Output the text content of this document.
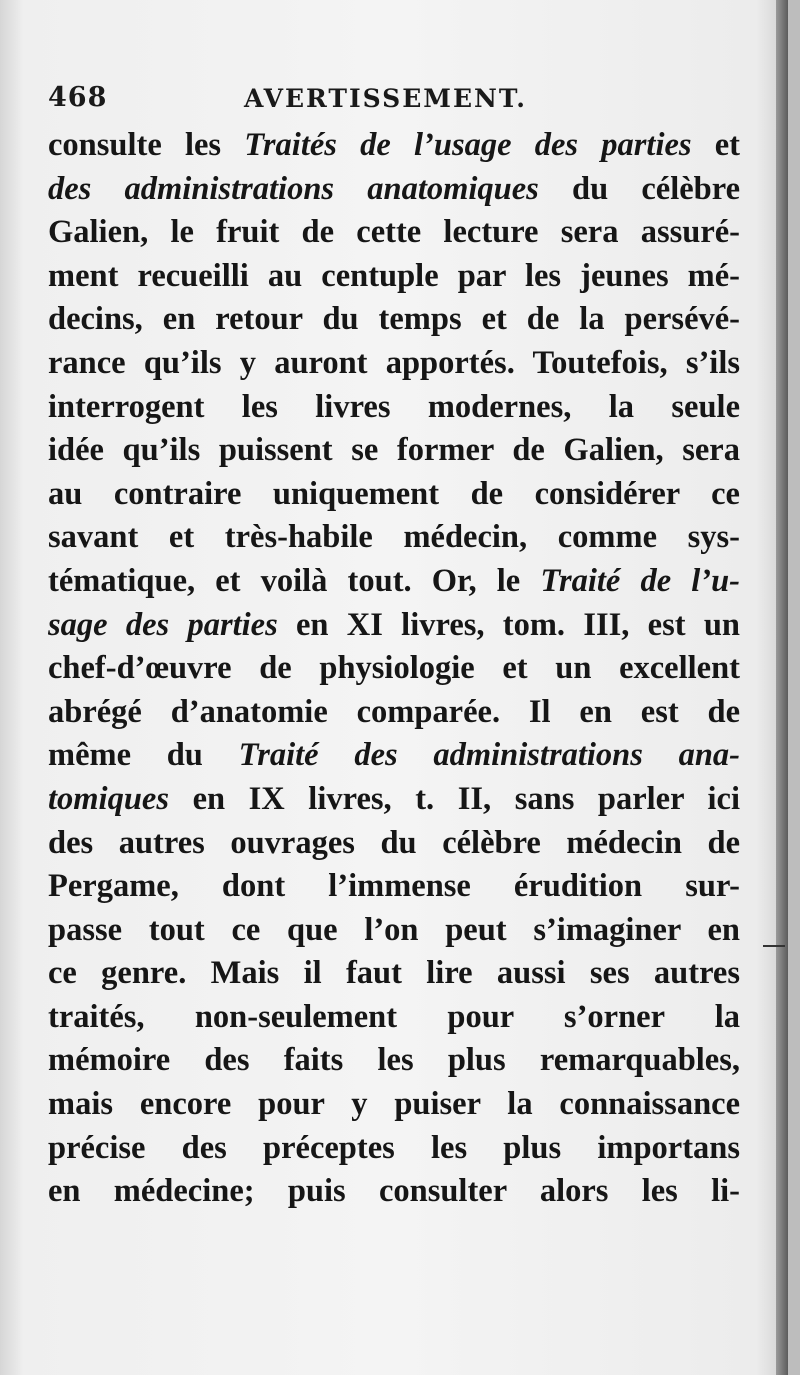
468	AVERTISSEMENT.
consulte les Traités de l’usage des parties et
des administrations anatomiques du célèbre
Galien, le fruit de cette lecture sera assuré-
ment recueilli au centuple par les jeunes mé-
decins, en retour du temps et de la persévé-
rance qu’ils y auront apportés. Toutefois, s’ils
interrogent les livres modernes, la seule
idée qu’ils puissent se former de Galien, sera
au contraire uniquement de considérer ce
savant et très-habile médecin, comme sys-
tématique, et voilà tout. Or, le Traité de l’u-
sage des parties en XI livres, tom. III, est un
chef-d’œuvre de physiologie et un excellent
abrégé d’anatomie comparée. Il en est de
même du Traité des administrations ana-
tomiques en IX livres, t. II, sans parler ici
des autres ouvrages du célèbre médecin de
Pergame, dont l’immense érudition sur-
passe tout ce que l’on peut s’imaginer en
ce genre. Mais il faut lire aussi ses autres
traités, non-seulement pour s’orner la
mémoire des faits les plus remarquables,
mais encore pour y puiser la connaissance
précise des préceptes les plus importans
en médecine; puis consulter alors les li-
